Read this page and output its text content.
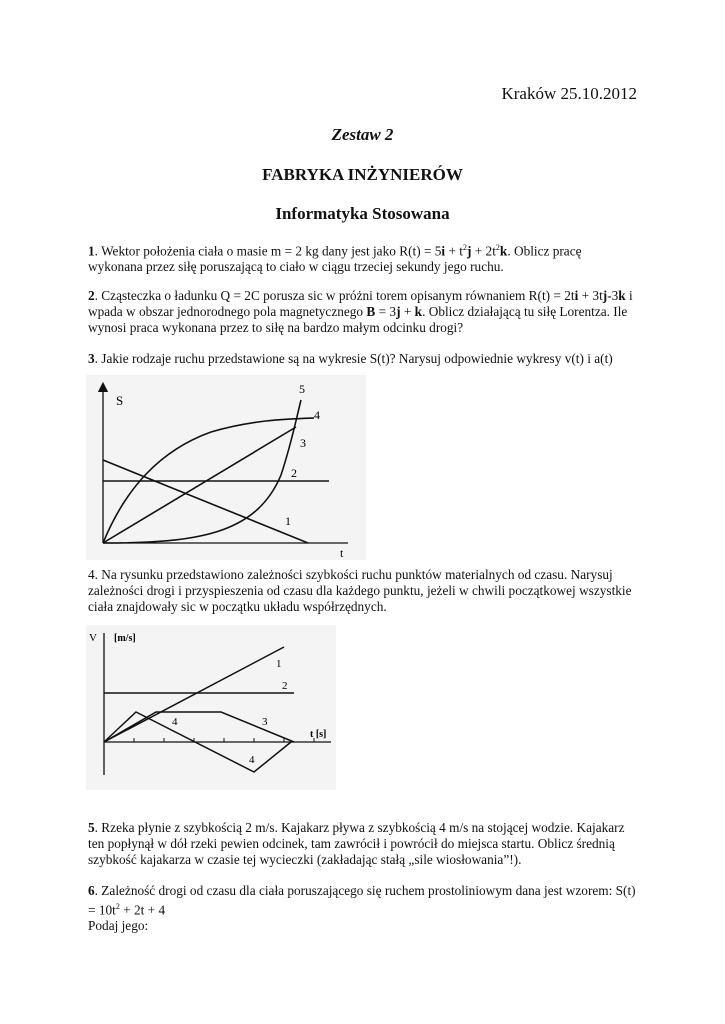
Kraków 25.10.2012
Zestaw 2
FABRYKA INŻYNIERÓW
Informatyka Stosowana
1. Wektor położenia ciała o masie m = 2 kg dany jest jako $R(t) = 5i + t^2j + 2t^2k$. Oblicz pracę
wykonana przez siłę poruszającą to ciało w ciągu trzeciej sekundy jego ruchu.
2. Cząsteczka o ładunku Q = 2C porusza sic w próżni torem opisanym równaniem R(t) = 2ti + 3tj-3k i
wpada w obszar jednorodnego pola magnetycznego B = 3j + k. Oblicz działającą tu siłę Lorentza. Ile
wynosi praca wykonana przez to siłę na bardzo małym odcinku drogi?
3. Jakie rodzaje ruchu przedstawione są na wykresie S(t)? Narysuj odpowiednie wykresy v(t) i a(t)
S
t
1
2
3
4
5
4. Na rysunku przedstawiono zależności szybkości ruchu punktów materialnych od czasu. Narysuj
zależności drogi i przyspieszenia od czasu dla każdego punktu, jeżeli w chwili początkowej wszystkie
ciała znajdowały sic w początku układu współrzędnych.
V [m/s]
t [s]
1
2
3
4
4
5. Rzeka płynie z szybkością 2 m/s. Kajakarz pływa z szybkością 4 m/s na stojącej wodzie. Kajakarz
ten popłynął w dół rzeki pewien odcinek, tam zawrócił i powrócił do miejsca startu. Oblicz średnią
szybkość kajakarza w czasie tej wycieczki (zakładając stałą „sile wiosłowania”!).
6. Zależność drogi od czasu dla ciała poruszającego się ruchem prostoliniowym dana jest wzorem: S(t)
= $10t^2 + 2t + 4$
Podaj jego:
